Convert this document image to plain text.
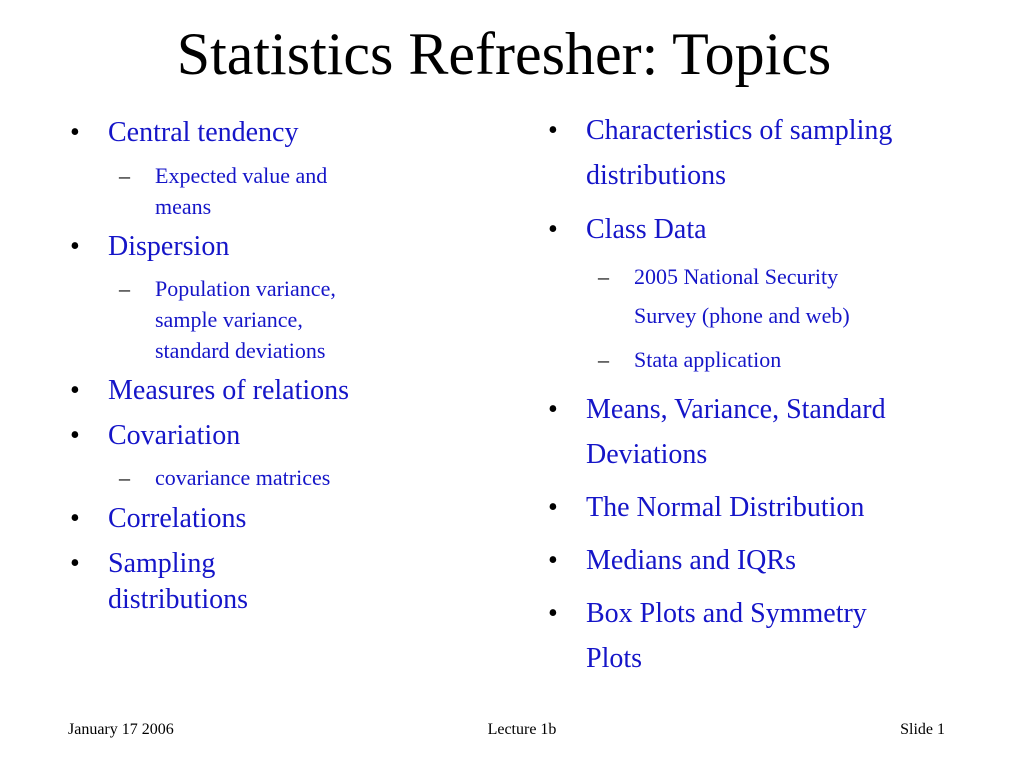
Statistics Refresher: Topics
• Central tendency
– Expected value and
means
• Dispersion
– Population variance,
sample variance,
standard deviations
• Measures of relations
• Covariation
– covariance matrices
• Correlations
• Sampling
distributions
• Characteristics of sampling
distributions
• Class Data
– 2005 National Security
Survey (phone and web)
– Stata application
• Means, Variance, Standard
Deviations
• The Normal Distribution
• Medians and IQRs
• Box Plots and Symmetry
Plots
January 17 2006	Lecture 1b	Slide 1
